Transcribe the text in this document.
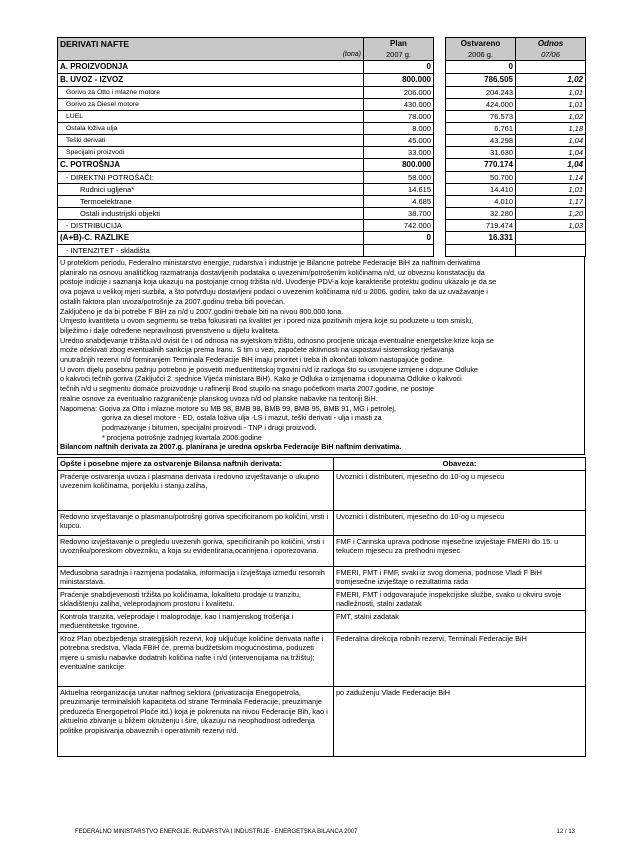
DERIVATI NAFTE	Plan		Ostvareno	Odnos
(tona)	2007 g.		2006 g.	07/06
A. PROIZVODNJA	0		0	
B. UVOZ - IZVOZ	800.000		786.505	1,02
Gorivo za Otto i mlazne motore	206.000		204.243	1,01
Gorivo za Diesel motore	430.000		424.000	1,01
LUEL	78.000		76.573	1,02
Ostala loživa ulja	8.000		6.761	1,18
Teški derivati	45.000		43.298	1,04
Specijalni proizvodi	33.000		31.630	1,04
C. POTROŠNJA	800.000		770.174	1,04
- DIREKTNI POTROŠAČI:	58.000		50.700	1,14
Rudnici ugljena*	14.615		14.410	1,01
Termoelektrane	4.685		4.010	1,17
Ostali industrijski objekti	38.700		32.280	1,20
- DISTRIBUCIJA	742.000		719.474	1,03
(A+B)-C. RAZLIKE	0		16.331	
- INTENZITET - skladišta				

U proteklom periodu, Federalno ministarstvo energije, rudarstva i industrije je Bilancne potrebe Federacije BiH za naftnim derivatima

planiralo na osnovu analitičkog razmatranja dostavljenih podataka o uvezenim/potrošenim količinama n/d, uz obveznu konstataciju da

postoje indicije i saznanja koja ukazuju na postojanje crnog tržišta n/d. Uvođenje PDV-a koje karakteriše protektu godinu ukazalo je da se

ova pojava u velikoj mjeri suzbila, a što potvrđuju dostavljeni podaci o uvezenim količinama n/d u 2006. godini, tako da uz uvažavanje i

ostalih faktora plan uvoza/potrošnje za 2007.godinu treba biti povećan.

Zaključeno je da bi potrebe F BiH za n/d u 2007.godini trebale biti na nivou 800.000 tona.

Umjesto kvantiteta u ovom segmentu se treba fokusirati na kvalitet jer i pored niza pozitivnih mjera koje su poduzete u tom smislu,

bilježimo i dalje određene nepravilnosti prvenstveno u dijelu kvaliteta.

Uredno snabdjevanje tržišta n/d ovisit će i od odnosa na svjetskom tržištu, odnosno procjene uticaja eventualne energetske krize koja se

može očekivati zbog eventualnih sankcija prema Iranu. S tim u vezi, započete aktivnosti na uspostavi sistemskog rješavanja

unutrašnjih rezervi n/d formiranjem Terminala Federacije BiH imaju prioritet i treba ih okončati tokom nastupajuće godine.

U ovom dijelu posebnu pažnju potrebno je posvetiti međuentitetskoj trgovini n/d iz razloga što su usvojene izmjene i dopune Odluke

o kakvoći tečnih goriva (Zaključci 2. sjednice Vijeća ministara BiH). Kako je Odluka o izmjenama i dopunama Odluke o kakvoći

tečnih n/d u segmentu domaće proizvodnje u rafineriji Brod stupilo na snagu početkom marta 2007.godine, ne postoje

realne osnove za eventualno razgraničenje planskog uvoza n/d od planske nabavke na teritoriji BiH.

Napomena: Goriva za Otto i mlazne motore su MB 98, BMB 98, BMB 99, BMB 95, BMB 91, MG i petrolej,

goriva za diesel motore - ED, ostala loživa ulja -LS i mazut, teški derivati - ulja i masti za

podmazivanje i bitumen, specijalni proizvodi - TNP i drugi proizvodi.

* procjena potrošnje zadnjeg kvartala 2006.godine

Bilancom naftnih derivata za 2007.g. planirana je uredna opskrba Federacije BiH naftnim derivatima.

Opšte i posebne mjere za ostvarenje Bilansa naftnih derivata:	Obaveza:
Praćenje ostvarenja uvoza i plasmana derivata i redovno izvještavanje o ukupno uvezenim količinama, porijeklu i stanju zaliha,	Uvoznici i distributeri, mjesečno do 10-og u mjesecu
Redovno izvještavanje o plasmanu/potrošnji goriva specificiranom po količini, vrsti i kupcu.	Uvoznici i distributeri, mjesečno do 10-og u mjesecu
Redovno izvještavanje o pregledu uvezenih goriva, specificiranih po količini, vrsti i uvozniku/poreskom obvezniku, a koja su evidentirana,ocarinjena i oporezovana.	FMF i Carinska uprava podnose mjesečne izvještaje FMERI do 15. u tekućem mjesecu za prethodni mjesec
Međusobna saradnja i razmjena podataka, informacija i izvještaja između resornih ministarstava.	FMERI, FMT i FMF, svaki iz svog domena, podnose Vladi F BiH tromjesečne izvještaje o rezultatima rada
Praćenje snabdjevenosti tržišta po količinama, lokalitetu prodaje u tranzitu, skladištenju zaliha, veleprodajnom prostoru i kvalitetu.	FMERI, FMT i odgovarajuće inspekcijske službe, svako u okviru svoje nadležnosti, stalni zadatak
Kontrola tranzita, veleprodaje i maloprodaje, kao i namjenskog trošenja i međuentitetske trgovine.	FMT, stalni zadatak
Kroz Plan obezbjeđenja strategijskih rezervi, koji uključuje količine derivata nafte i potrebna sredstva, Vlada FBiH će, prema budžetskim mogućnostima, poduzeti mjere u smislu nabavke dodatnih količina nafte i n/d (intervencijama na tržištu); eventualne sankcije.	Federalna direkcija robnih rezervi, Terminali Federacije BiH
Aktuelna reorganizacija unutar naftnog sektora (privatizacija Enegopetrola, preuzimanje terminalskih kapaciteta od strane Terminala Federacije, preuzimanje preduzeća Energopetrol Ploče itd.) koja je pokrenuta na nivou Federacije Bih, kao i aktuelno zbivanje u bližem okruženju i šire, ukazuju na neophodnost određenja politike propisivanja obaveznih i operativnih rezervi n/d.	po zaduženju Vlade Federacije BiH
FEDERALNO MINISTARSTVO ENERGIJE, RUDARSTVA I INDUSTRIJE - ENERGETSKA BILANCA 2007	12 / 13
